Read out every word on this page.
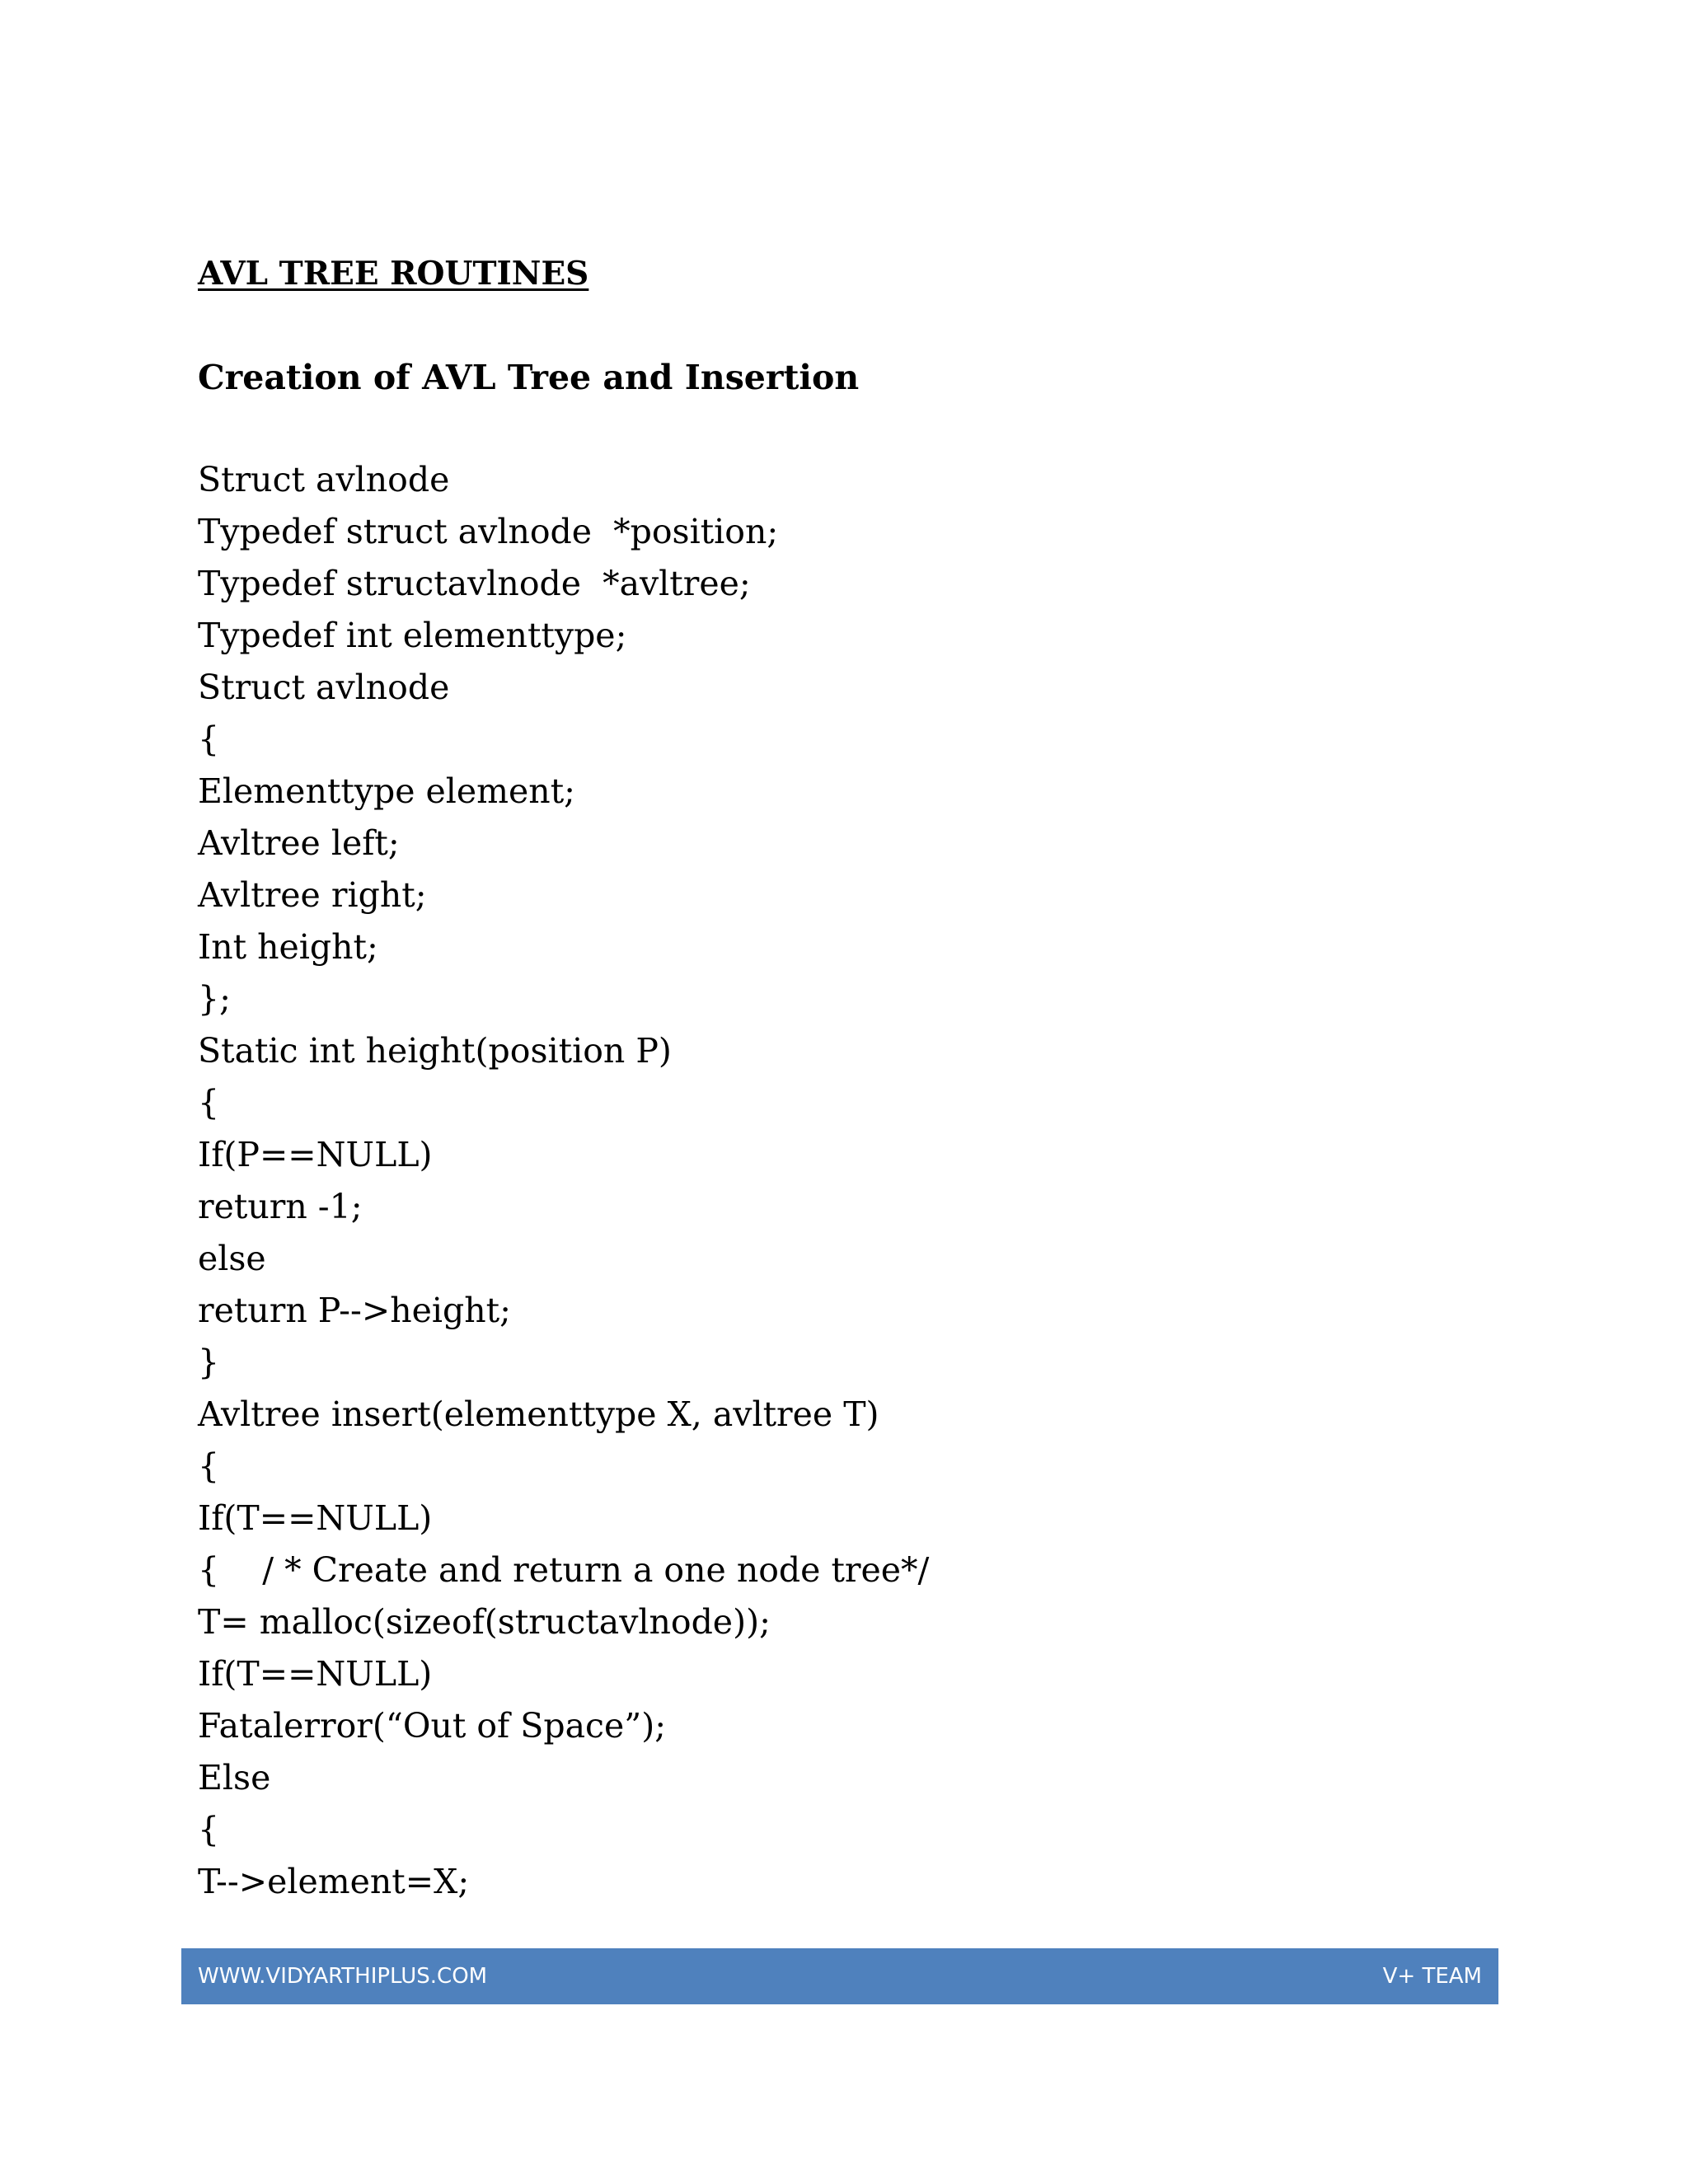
AVL TREE ROUTINES
Creation of AVL Tree and Insertion
Struct avlnode
Typedef struct avlnode  *position;
Typedef structavlnode  *avltree;
Typedef int elementtype;
Struct avlnode
{
Elementtype element;
Avltree left;
Avltree right;
Int height;
};
Static int height(position P)
{
If(P==NULL)
return -1;
else
return P-->height;
}
Avltree insert(elementtype X, avltree T)
{
If(T==NULL)
{    / * Create and return a one node tree*/
T= malloc(sizeof(structavlnode));
If(T==NULL)
Fatalerror(“Out of Space”);
Else
{
T-->element=X;
WWW.VIDYARTHIPLUS.COM	V+ TEAM
